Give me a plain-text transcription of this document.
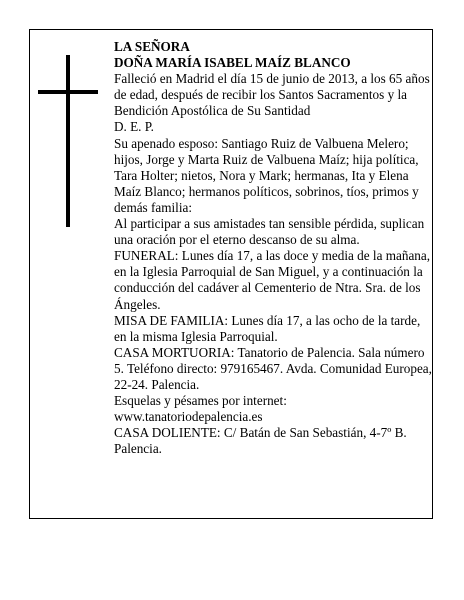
LA SEÑORA

DOÑA MARÍA ISABEL MAÍZ BLANCO

Falleció en Madrid el día 15 de junio de 2013, a los 65 años de edad, después de recibir los Santos Sacramentos y la Bendición Apostólica de Su Santidad

D. E. P.

Su apenado esposo: Santiago Ruiz de Valbuena Melero; hijos, Jorge y Marta Ruiz de Valbuena Maíz; hija política, Tara Holter; nietos, Nora y Mark; hermanas, Ita y Elena Maíz Blanco; hermanos políticos, sobrinos, tíos, primos y demás familia:

Al participar a sus amistades tan sensible pérdida, suplican una oración por el eterno descanso de su alma.

FUNERAL: Lunes día 17, a las doce y media de la mañana, en la Iglesia Parroquial de San Miguel, y a continuación la conducción del cadáver al Cementerio de Ntra. Sra. de los Ángeles.

MISA DE FAMILIA: Lunes día 17, a las ocho de la tarde, en la misma Iglesia Parroquial.

CASA MORTUORIA: Tanatorio de Palencia. Sala número 5. Teléfono directo: 979165467. Avda. Comunidad Europea, 22-24. Palencia.

Esquelas y pésames por internet:

www.tanatoriodepalencia.es

CASA DOLIENTE: C/ Batán de San Sebastián, 4-7º B. Palencia.
